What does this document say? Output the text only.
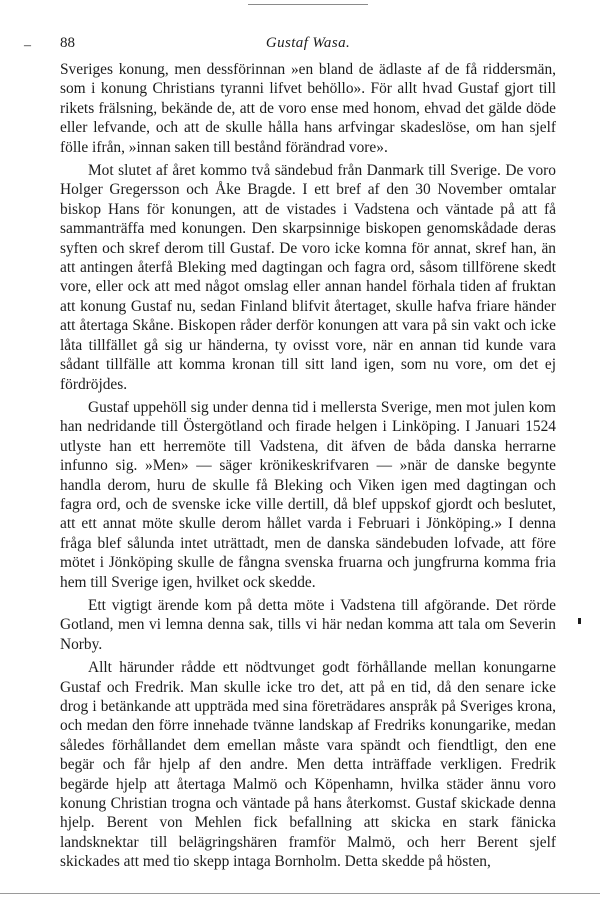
– 88	Gustaf Wasa.

Sveriges konung, men dessförinnan »en bland de ädlaste af de få riddersmän, som i konung Christians tyranni lifvet behöllo». För allt hvad Gustaf gjort till rikets frälsning, bekände de, att de voro ense med honom, ehvad det gälde döde eller lefvande, och att de skulle hålla hans arfvingar skadeslöse, om han sjelf fölle ifrån, »innan saken till bestånd förändrad vore».

Mot slutet af året kommo två sändebud från Danmark till Sverige. De voro Holger Gregersson och Åke Bragde. I ett bref af den 30 November omtalar biskop Hans för konungen, att de vistades i Vadstena och väntade på att få sammanträffa med konungen. Den skarpsinnige biskopen genomskådade deras syften och skref derom till Gustaf. De voro icke komna för annat, skref han, än att antingen återfå Bleking med dagtingan och fagra ord, såsom tillförene skedt vore, eller ock att med något omslag eller annan handel förhala tiden af fruktan att konung Gustaf nu, sedan Finland blifvit återtaget, skulle hafva friare händer att återtaga Skåne. Biskopen råder derför konungen att vara på sin vakt och icke låta tillfället gå sig ur händerna, ty ovisst vore, när en annan tid kunde vara sådant tillfälle att kommа kronan till sitt land igen, som nu vore, om det ej fördröjdes.

Gustaf uppehöll sig under denna tid i mellersta Sverige, men mot julen kom han nedridande till Östergötland och firade helgen i Linköping. I Januari 1524 utlyste han ett herremöte till Vadstena, dit äfven de båda danska herrarne infunno sig. »Men» — säger krönikeskrifvaren — »när de danske begynte handla derom, huru de skulle få Bleking och Viken igen med dagtingan och fagra ord, och de svenske icke ville dertill, då blef uppskof gjordt och beslutet, att ett annat möte skulle derom hållet varda i Februari i Jönköping.» I denna fråga blef sålunda intet uträttadt, men de danska sändebuden lofvade, att före mötet i Jönköping skulle de fångna svenska fruarna och jungfrurna komma fria hem till Sverige igen, hvilket ock skedde.

Ett vigtigt ärende kom på detta möte i Vadstena till afgörande. Det rörde Gotland, men vi lemna denna sak, tills vi här nedan komma att tala om Severin Norby.

Allt härunder rådde ett nödtvunget godt förhållande mellan konungarne Gustaf och Fredrik. Man skulle icke tro det, att på en tid, då den senare icke drog i betänkande att uppträda med sina företrädares anspråk på Sveriges krona, och medan den förre innehade tvänne landskap af Fredriks konungarike, medan således förhållandet dem emellan måste vara spändt och fiendtligt, den ene begär och får hjelp af den andre. Men detta inträffade verkligen. Fredrik begärde hjelp att återtaga Malmö och Köpenhamn, hvilka städer ännu voro konung Christian trogna och väntade på hans återkomst. Gustaf skickade denna hjelp. Berent von Mehlen fick befallning att skicka en stark fänicka landsknektar till belägringshären framför Malmö, och herr Berent sjelf skickades att med tio skepp intaga Bornholm. Detta skedde på hösten,
